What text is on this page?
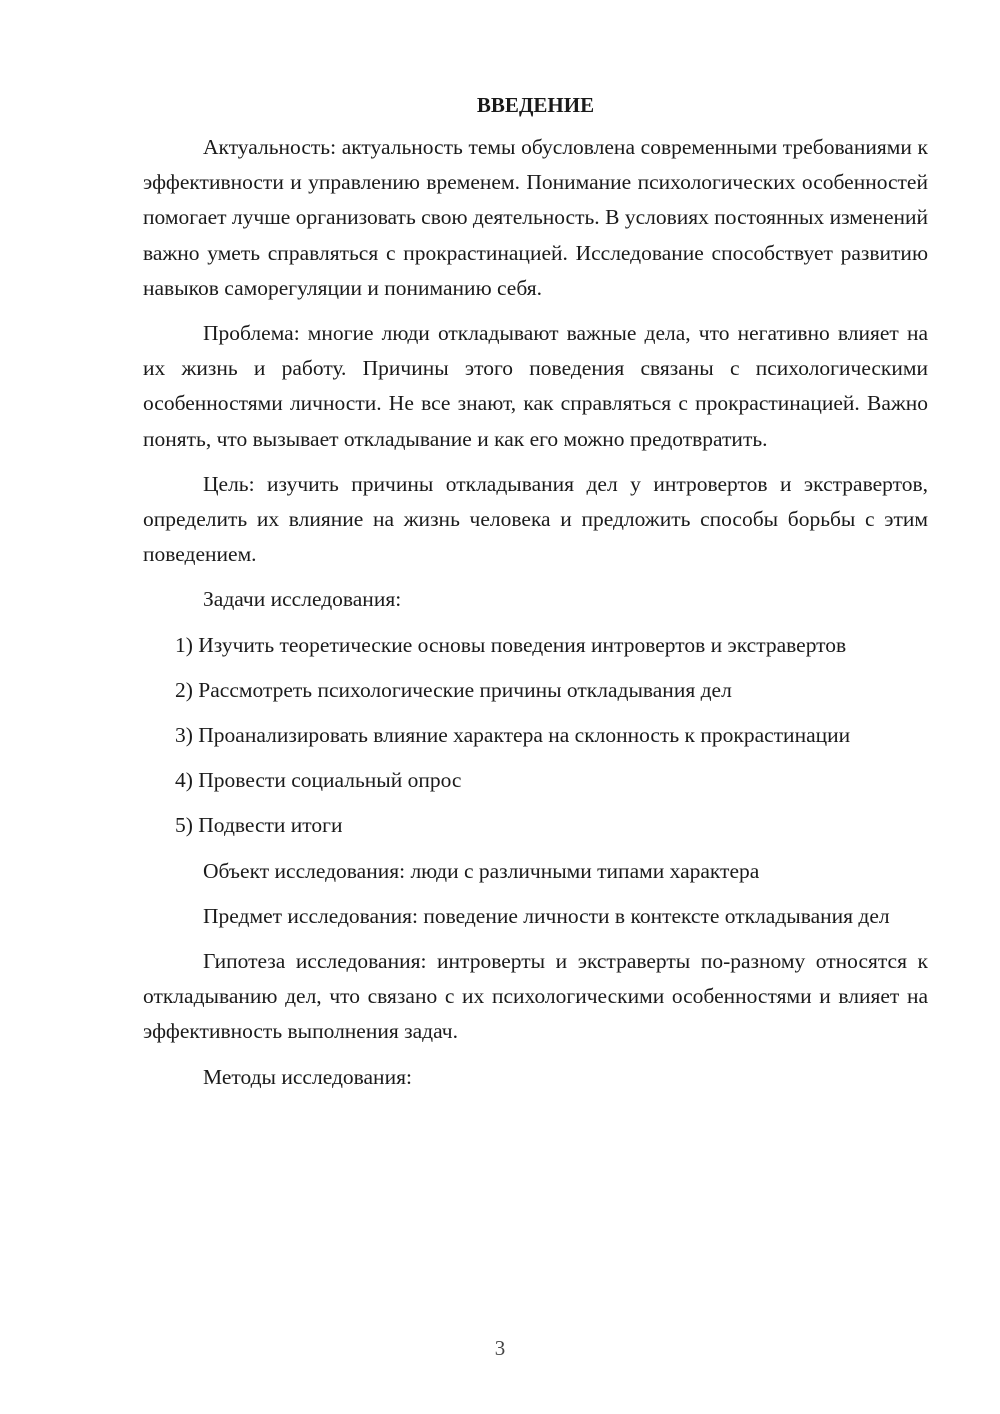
ВВЕДЕНИЕ

Актуальность: актуальность темы обусловлена современными требованиями к эффективности и управлению временем. Понимание психологических особенностей помогает лучше организовать свою деятельность. В условиях постоянных изменений важно уметь справляться с прокрастинацией. Исследование способствует развитию навыков саморегуляции и пониманию себя.

Проблема: многие люди откладывают важные дела, что негативно влияет на их жизнь и работу. Причины этого поведения связаны с психологическими особенностями личности. Не все знают, как справляться с прокрастинацией. Важно понять, что вызывает откладывание и как его можно предотвратить.

Цель: изучить причины откладывания дел у интровертов и экстравертов, определить их влияние на жизнь человека и предложить способы борьбы с этим поведением.

Задачи исследования:

1) Изучить теоретические основы поведения интровертов и экстравертов

2) Рассмотреть психологические причины откладывания дел

3) Проанализировать влияние характера на склонность к прокрастинации

4) Провести социальный опрос

5) Подвести итоги

Объект исследования: люди с различными типами характера

Предмет исследования: поведение личности в контексте откладывания дел

Гипотеза исследования: интроверты и экстраверты по-разному относятся к откладыванию дел, что связано с их психологическими особенностями и влияет на эффективность выполнения задач.

Методы исследования:

3
